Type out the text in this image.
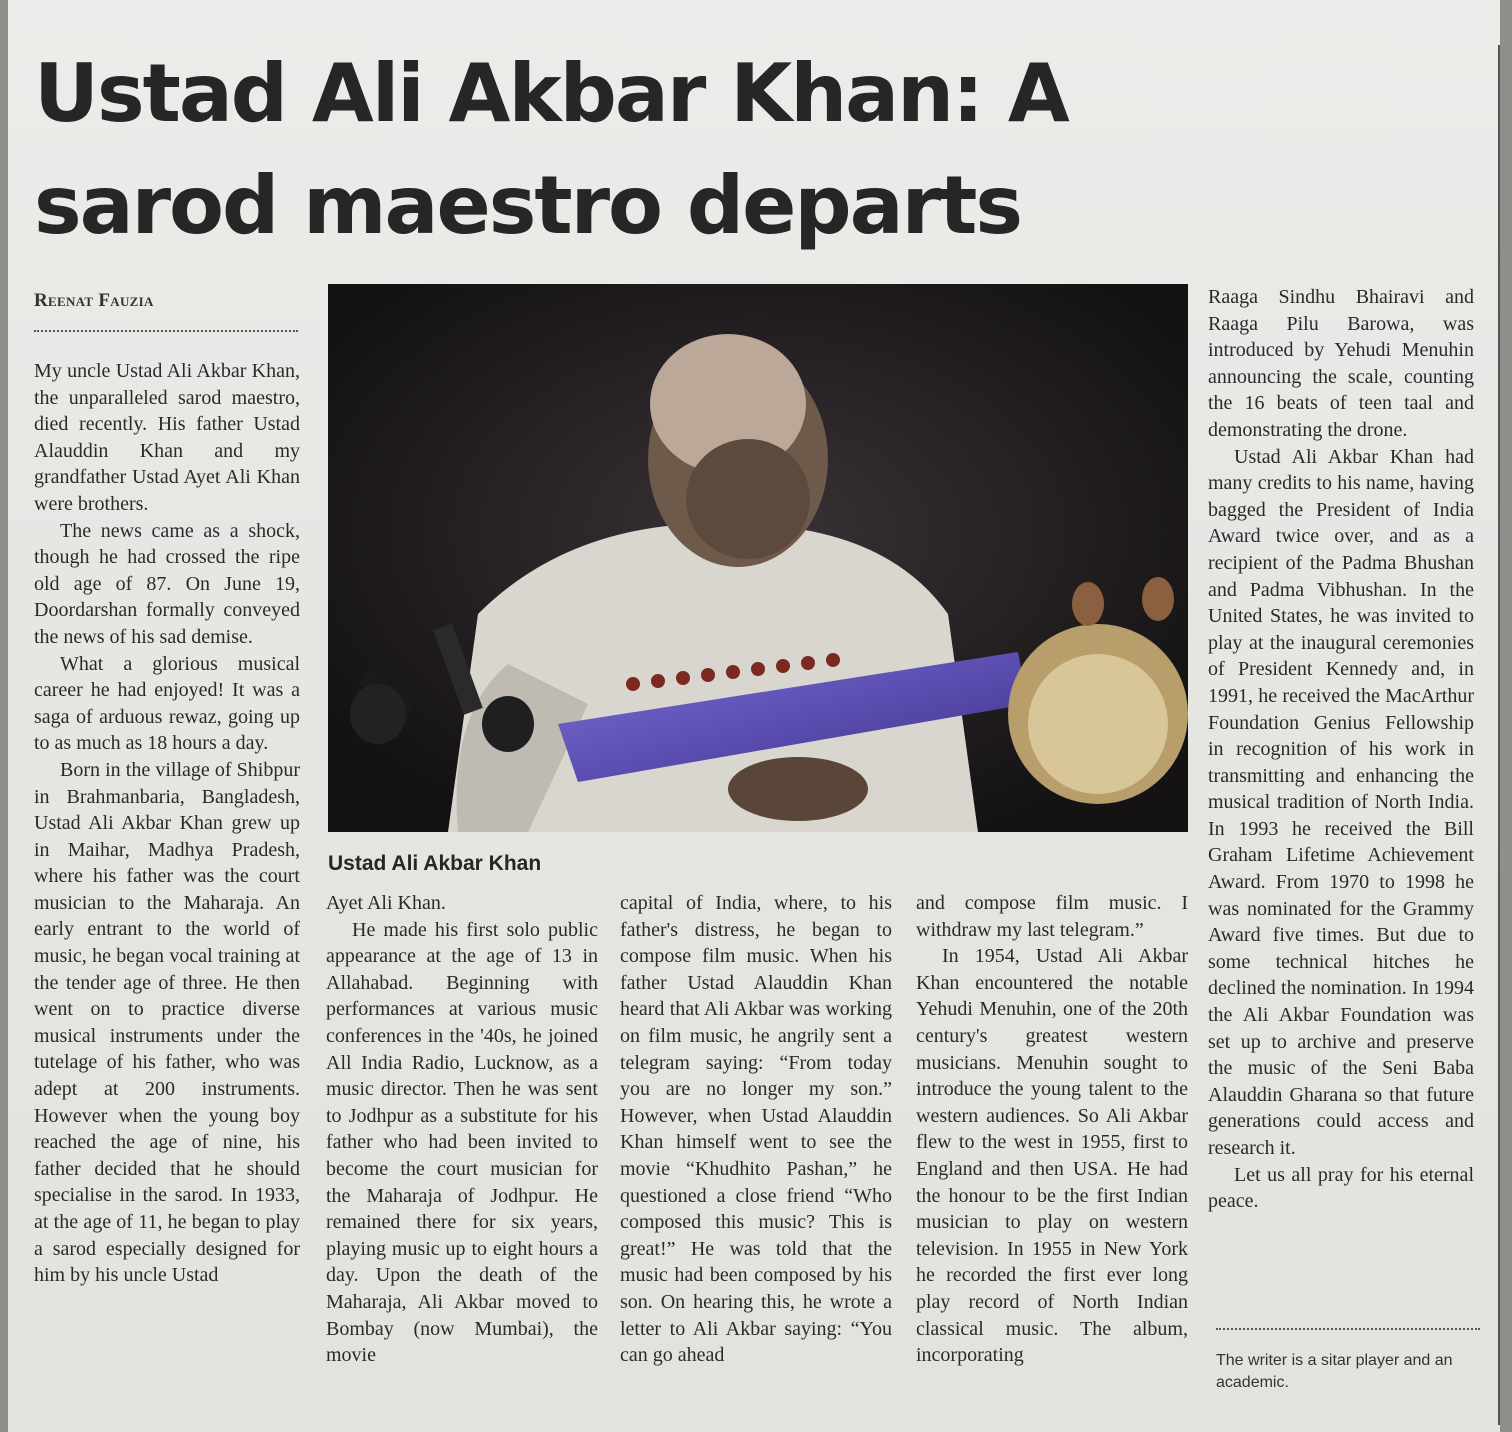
Ustad Ali Akbar Khan: A sarod maestro departs
Reenat Fauzia

My uncle Ustad Ali Akbar Khan, the unparalleled sarod maestro, died recently. His father Ustad Alauddin Khan and my grandfather Ustad Ayet Ali Khan were brothers.

The news came as a shock, though he had crossed the ripe old age of 87. On June 19, Doordarshan formally conveyed the news of his sad demise.

What a glorious musical career he had enjoyed! It was a saga of arduous rewaz, going up to as much as 18 hours a day.

Born in the village of Shibpur in Brahmanbaria, Bangladesh, Ustad Ali Akbar Khan grew up in Maihar, Madhya Pradesh, where his father was the court musician to the Maharaja. An early entrant to the world of music, he began vocal training at the tender age of three. He then went on to practice diverse musical instruments under the tutelage of his father, who was adept at 200 instruments. However when the young boy reached the age of nine, his father decided that he should specialise in the sarod. In 1933, at the age of 11, he began to play a sarod especially designed for him by his uncle Ustad

Ustad Ali Akbar Khan

Ayet Ali Khan.

He made his first solo public appearance at the age of 13 in Allahabad. Beginning with performances at various music conferences in the '40s, he joined All India Radio, Lucknow, as a music director. Then he was sent to Jodhpur as a substitute for his father who had been invited to become the court musician for the Maharaja of Jodhpur. He remained there for six years, playing music up to eight hours a day. Upon the death of the Maharaja, Ali Akbar moved to Bombay (now Mumbai), the movie

capital of India, where, to his father's distress, he began to compose film music. When his father Ustad Alauddin Khan heard that Ali Akbar was working on film music, he angrily sent a telegram saying: “From today you are no longer my son.” However, when Ustad Alauddin Khan himself went to see the movie “Khudhito Pashan,” he questioned a close friend “Who composed this music? This is great!” He was told that the music had been composed by his son. On hearing this, he wrote a letter to Ali Akbar saying: “You can go ahead

and compose film music. I withdraw my last telegram.”

In 1954, Ustad Ali Akbar Khan encountered the notable Yehudi Menuhin, one of the 20th century's greatest western musicians. Menuhin sought to introduce the young talent to the western audiences. So Ali Akbar flew to the west in 1955, first to England and then USA. He had the honour to be the first Indian musician to play on western television. In 1955 in New York he recorded the first ever long play record of North Indian classical music. The album, incorporating

Raaga Sindhu Bhairavi and Raaga Pilu Barowa, was introduced by Yehudi Menuhin announcing the scale, counting the 16 beats of teen taal and demonstrating the drone.

Ustad Ali Akbar Khan had many credits to his name, having bagged the President of India Award twice over, and as a recipient of the Padma Bhushan and Padma Vibhushan. In the United States, he was invited to play at the inaugural ceremonies of President Kennedy and, in 1991, he received the MacArthur Foundation Genius Fellowship in recognition of his work in transmitting and enhancing the musical tradition of North India. In 1993 he received the Bill Graham Lifetime Achievement Award. From 1970 to 1998 he was nominated for the Grammy Award five times. But due to some technical hitches he declined the nomination. In 1994 the Ali Akbar Foundation was set up to archive and preserve the music of the Seni Baba Alauddin Gharana so that future generations could access and research it.

Let us all pray for his eternal peace.

The writer is a sitar player and an academic.
